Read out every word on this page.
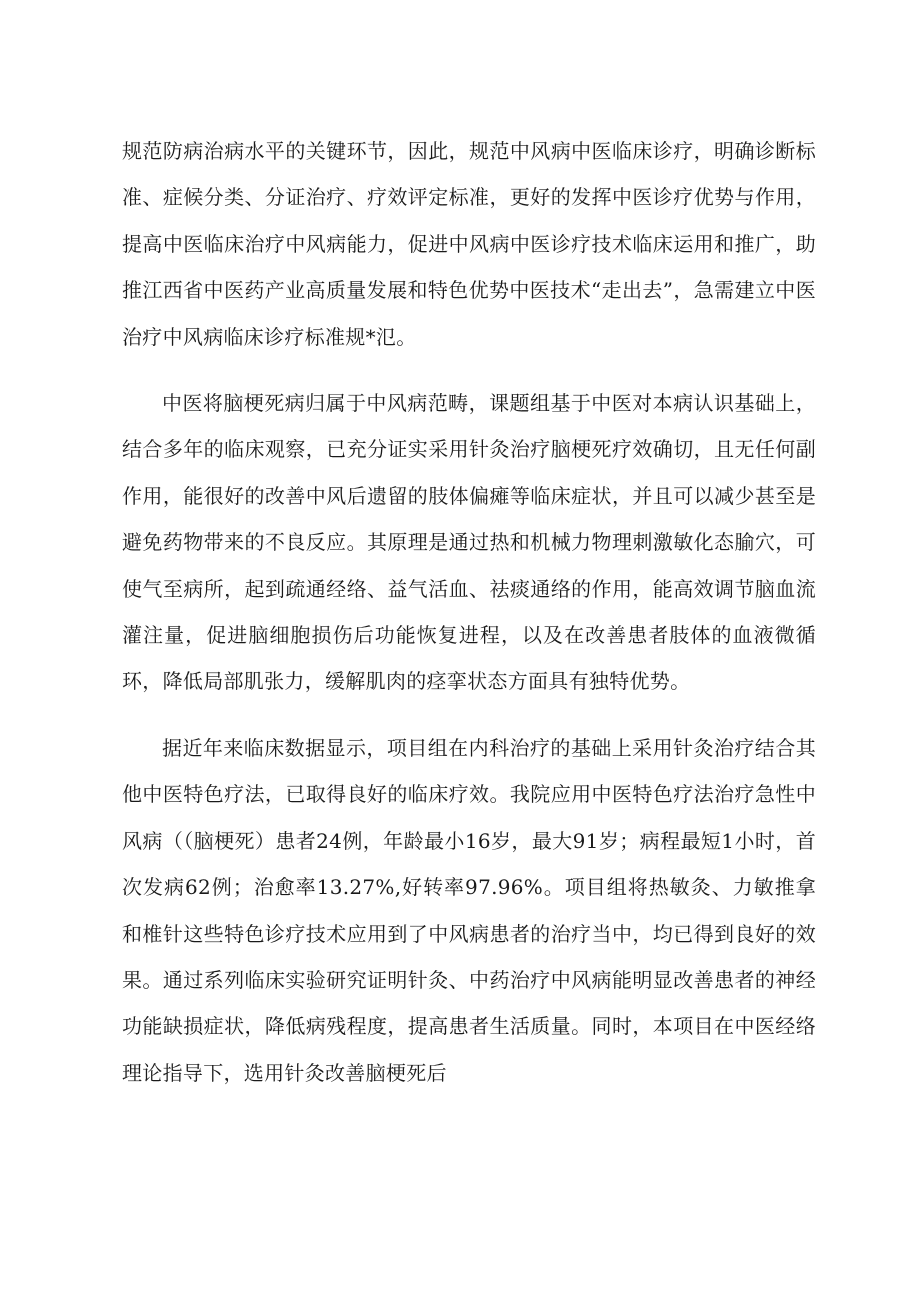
规范防病治病水平的关键环节，因此，规范中风病中医临床诊疗，明确诊断标准、症候分类、分证治疗、疗效评定标准，更好的发挥中医诊疗优势与作用，提高中医临床治疗中风病能力，促进中风病中医诊疗技术临床运用和推广，助推江西省中医药产业高质量发展和特色优势中医技术“走出去”，急需建立中医治疗中风病临床诊疗标准规*氾。

中医将脑梗死病归属于中风病范畴，课题组基于中医对本病认识基础上，结合多年的临床观察，已充分证实采用针灸治疗脑梗死疗效确切，且无任何副作用，能很好的改善中风后遗留的肢体偏瘫等临床症状，并且可以减少甚至是避免药物带来的不良反应。其原理是通过热和机械力物理刺激敏化态腧穴，可使气至病所，起到疏通经络、益气活血、祛痰通络的作用，能高效调节脑血流灌注量，促进脑细胞损伤后功能恢复进程，以及在改善患者肢体的血液微循环，降低局部肌张力，缓解肌肉的痉挛状态方面具有独特优势。

据近年来临床数据显示，项目组在内科治疗的基础上采用针灸治疗结合其他中医特色疗法，已取得良好的临床疗效。我院应用中医特色疗法治疗急性中风病（（脑梗死）患者24例，年龄最小16岁，最大91岁；病程最短1小时，首次发病62例；治愈率13.27%,好转率97.96%。项目组将热敏灸、力敏推拿和椎针这些特色诊疗技术应用到了中风病患者的治疗当中，均已得到良好的效果。通过系列临床实验研究证明针灸、中药治疗中风病能明显改善患者的神经功能缺损症状，降低病残程度，提高患者生活质量。同时，本项目在中医经络理论指导下，选用针灸改善脑梗死后
